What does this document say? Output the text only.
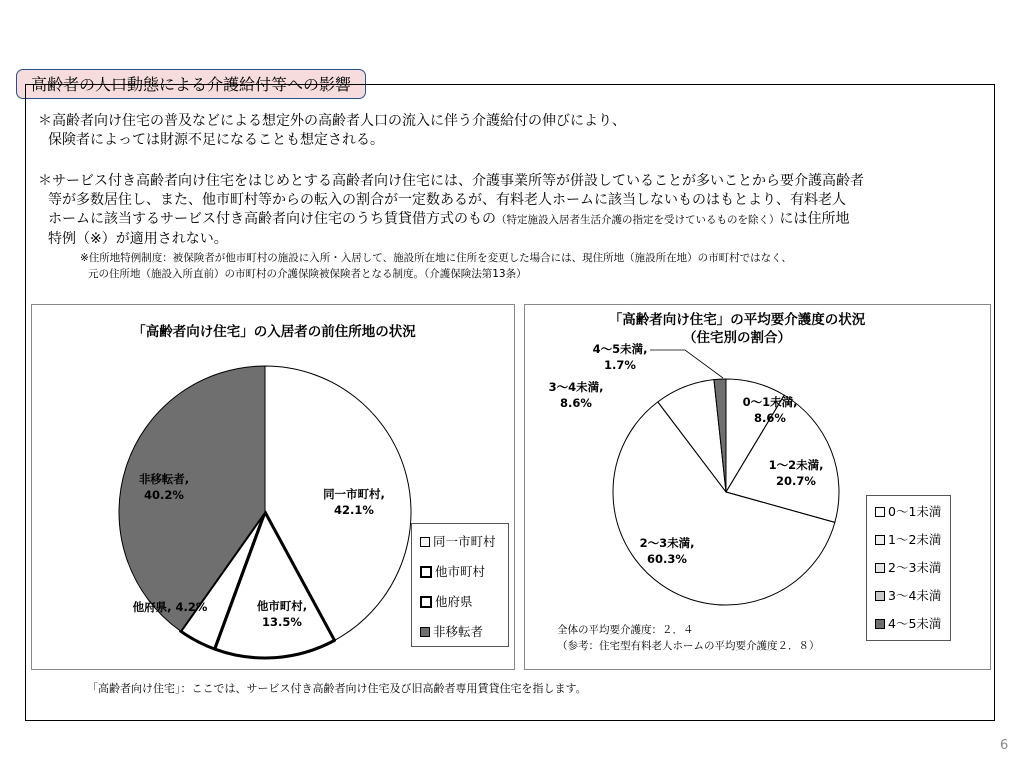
高齢者の人口動態による介護給付等への影響
＊高齢者向け住宅の普及などによる想定外の高齢者人口の流入に伴う介護給付の伸びにより、
保険者によっては財源不足になることも想定される。
＊サービス付き高齢者向け住宅をはじめとする高齢者向け住宅には、介護事業所等が併設していることが多いことから要介護高齢者
等が多数居住し、また、他市町村等からの転入の割合が一定数あるが、有料老人ホームに該当しないものはもとより、有料老人
ホームに該当するサービス付き高齢者向け住宅のうち賃貸借方式のもの（特定施設入居者生活介護の指定を受けているものを除く）には住所地
特例（※）が適用されない。
※住所地特例制度：被保険者が他市町村の施設に入所・入居して、施設所在地に住所を変更した場合には、現住所地（施設所在地）の市町村ではなく、
元の住所地（施設入所直前）の市町村の介護保険被保険者となる制度。（介護保険法第13条）
「高齢者向け住宅」の入居者の前住所地の状況
同一市町村,
42.1%
他市町村,
13.5%
他府県, 4.2%
非移転者,
40.2%
同一市町村
他市町村
他府県
非移転者
「高齢者向け住宅」の平均要介護度の状況
（住宅別の割合）
0～1未満,
8.6%
1～2未満,
20.7%
2～3未満,
60.3%
3～4未満,
8.6%
4～5未満,
1.7%
0～1未満
1～2未満
2～3未満
3～4未満
4～5未満
全体の平均要介護度：２．４
（参考：住宅型有料老人ホームの平均要介護度２．８）
「高齢者向け住宅」：ここでは、サービス付き高齢者向け住宅及び旧高齢者専用賃貸住宅を指します。
6
